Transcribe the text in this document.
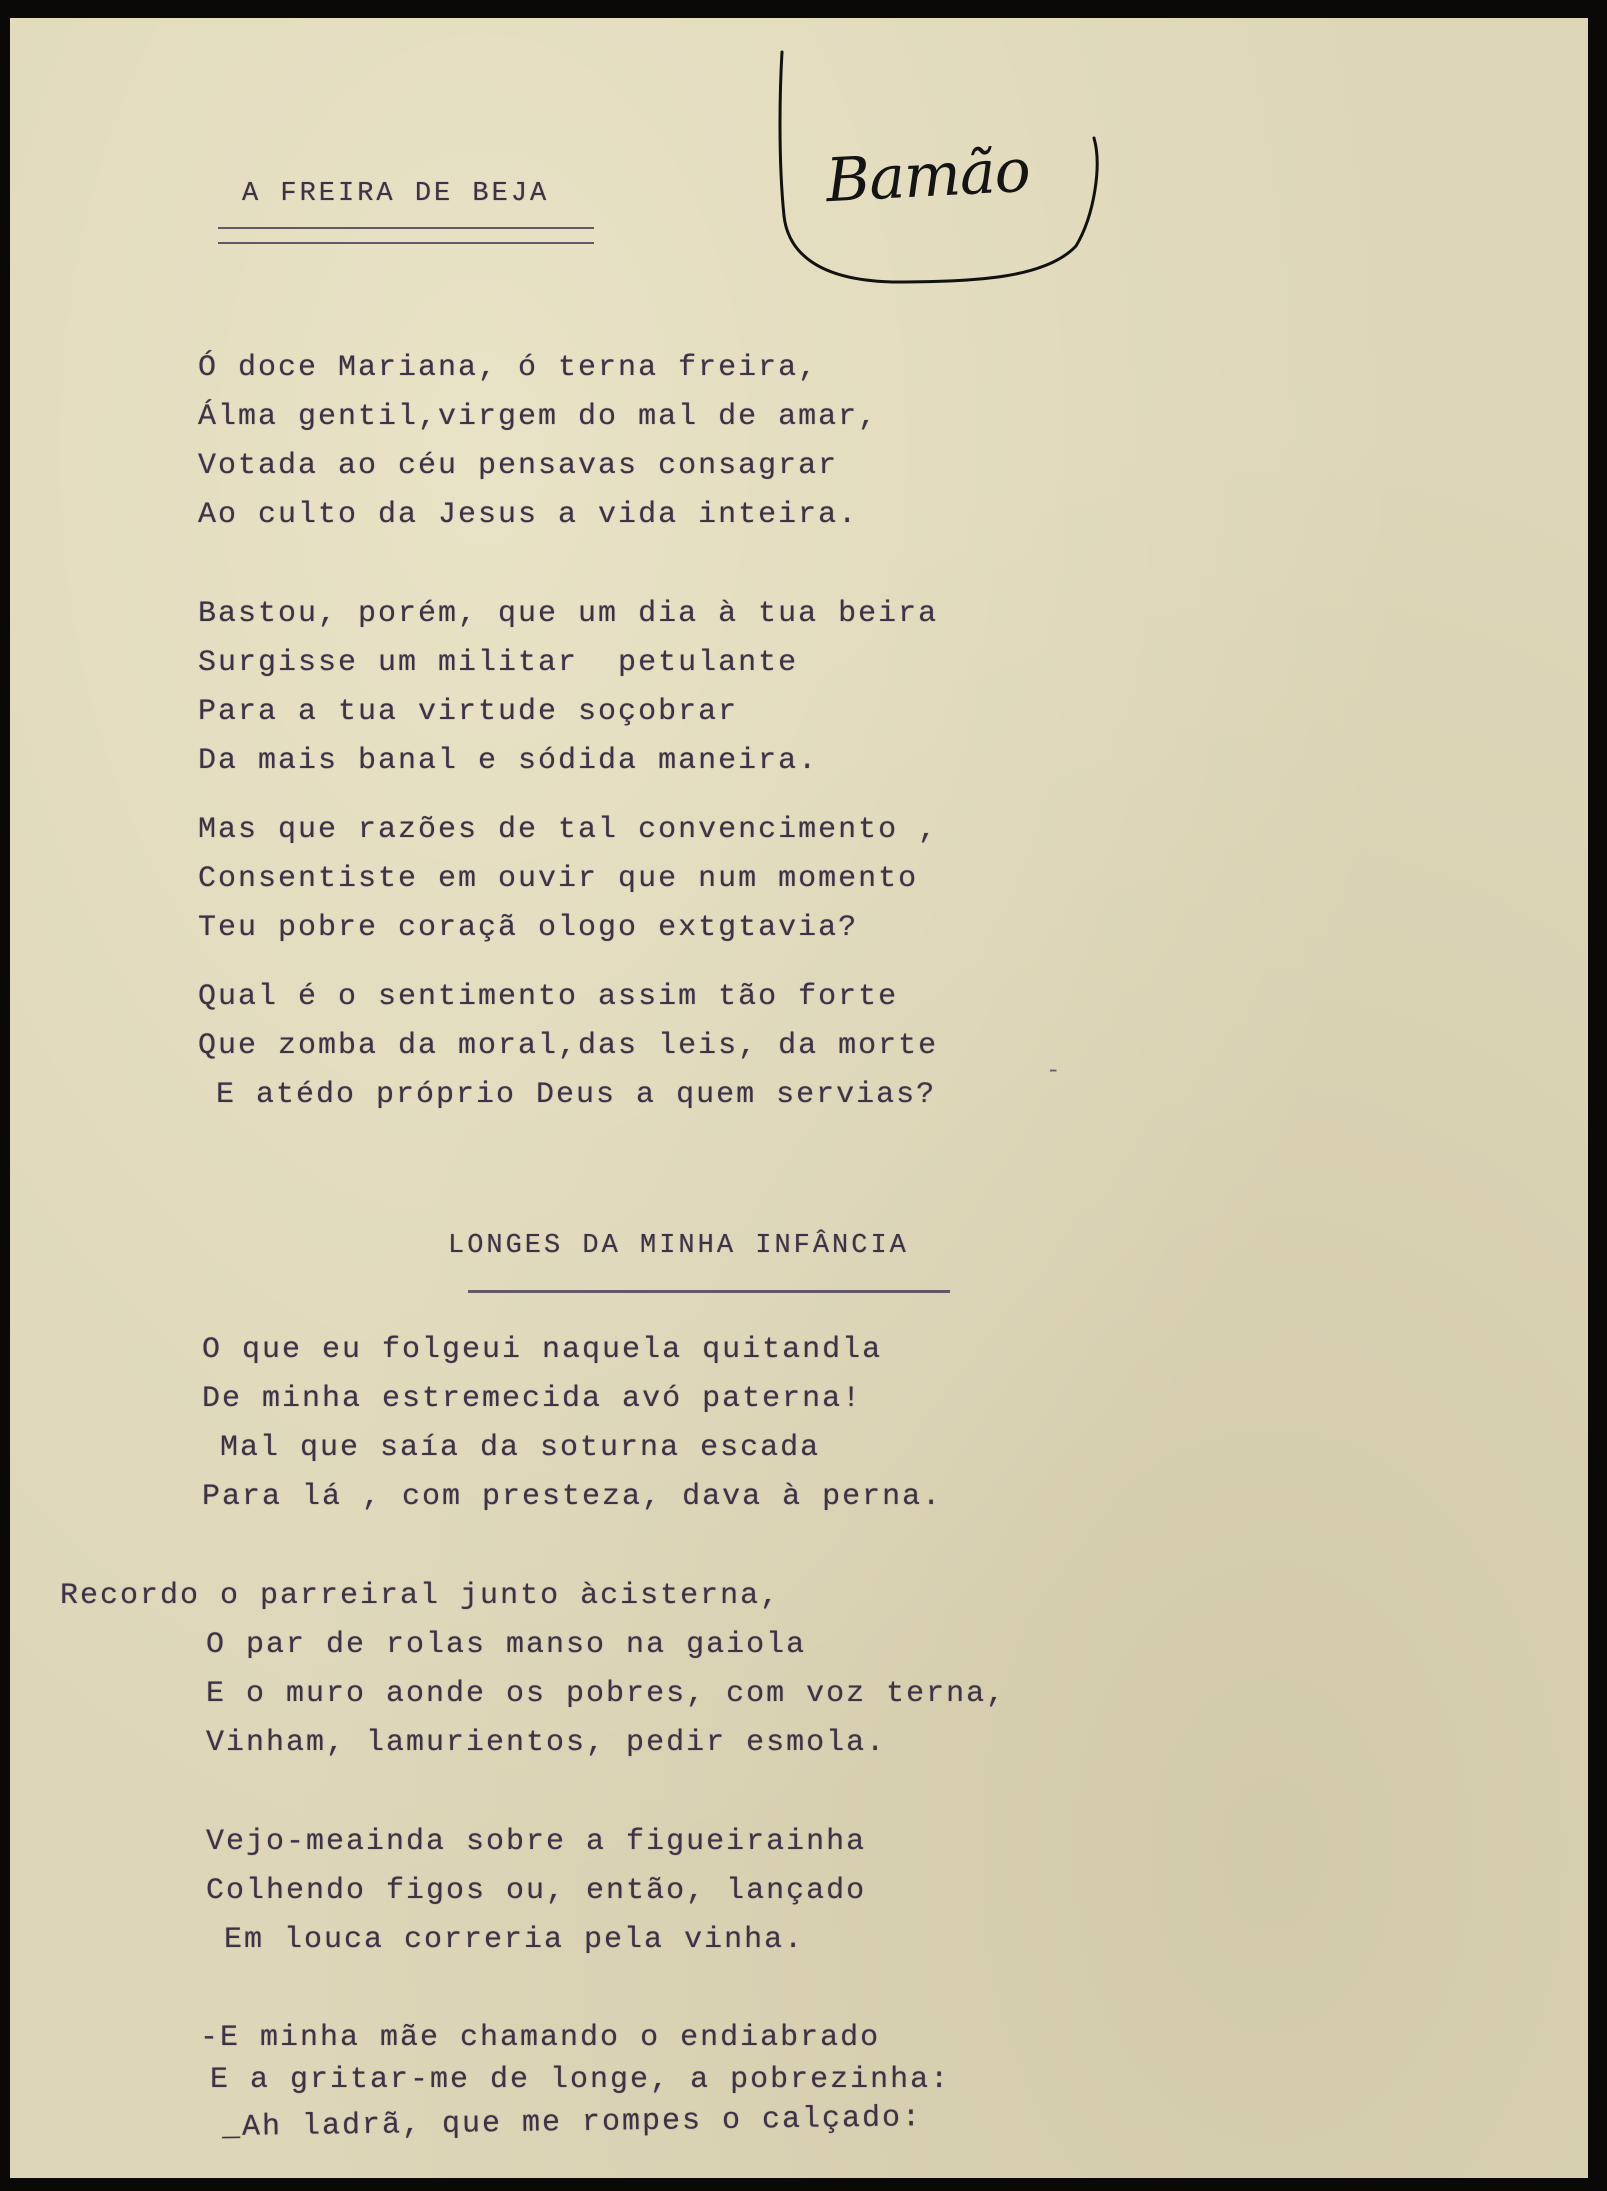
Bamão
A FREIRA DE BEJA
Ó doce Mariana, ó terna freira,
Álma gentil,virgem do mal de amar,
Votada ao céu pensavas consagrar
Ao culto da Jesus a vida inteira.
Bastou, porém, que um dia à tua beira
Surgisse um militar  petulante
Para a tua virtude soçobrar
Da mais banal e sódida maneira.
Mas que razões de tal convencimento ,
Consentiste em ouvir que num momento
Teu pobre coraçã ologo extgtavia?
Qual é o sentimento assim tão forte
Que zomba da moral,das leis, da morte
E atédo próprio Deus a quem servias?
-
LONGES DA MINHA INFÂNCIA
O que eu folgeui naquela quitandla
De minha estremecida avó paterna!
Mal que saía da soturna escada
Para lá , com presteza, dava à perna.
Recordo o parreiral junto àcisterna,
O par de rolas manso na gaiola
E o muro aonde os pobres, com voz terna,
Vinham, lamurientos, pedir esmola.
Vejo-meainda sobre a figueirainha
Colhendo figos ou, então, lançado
Em louca correria pela vinha.
-E minha mãe chamando o endiabrado
E a gritar-me de longe, a pobrezinha:
_Ah ladrã, que me rompes o calçado:
